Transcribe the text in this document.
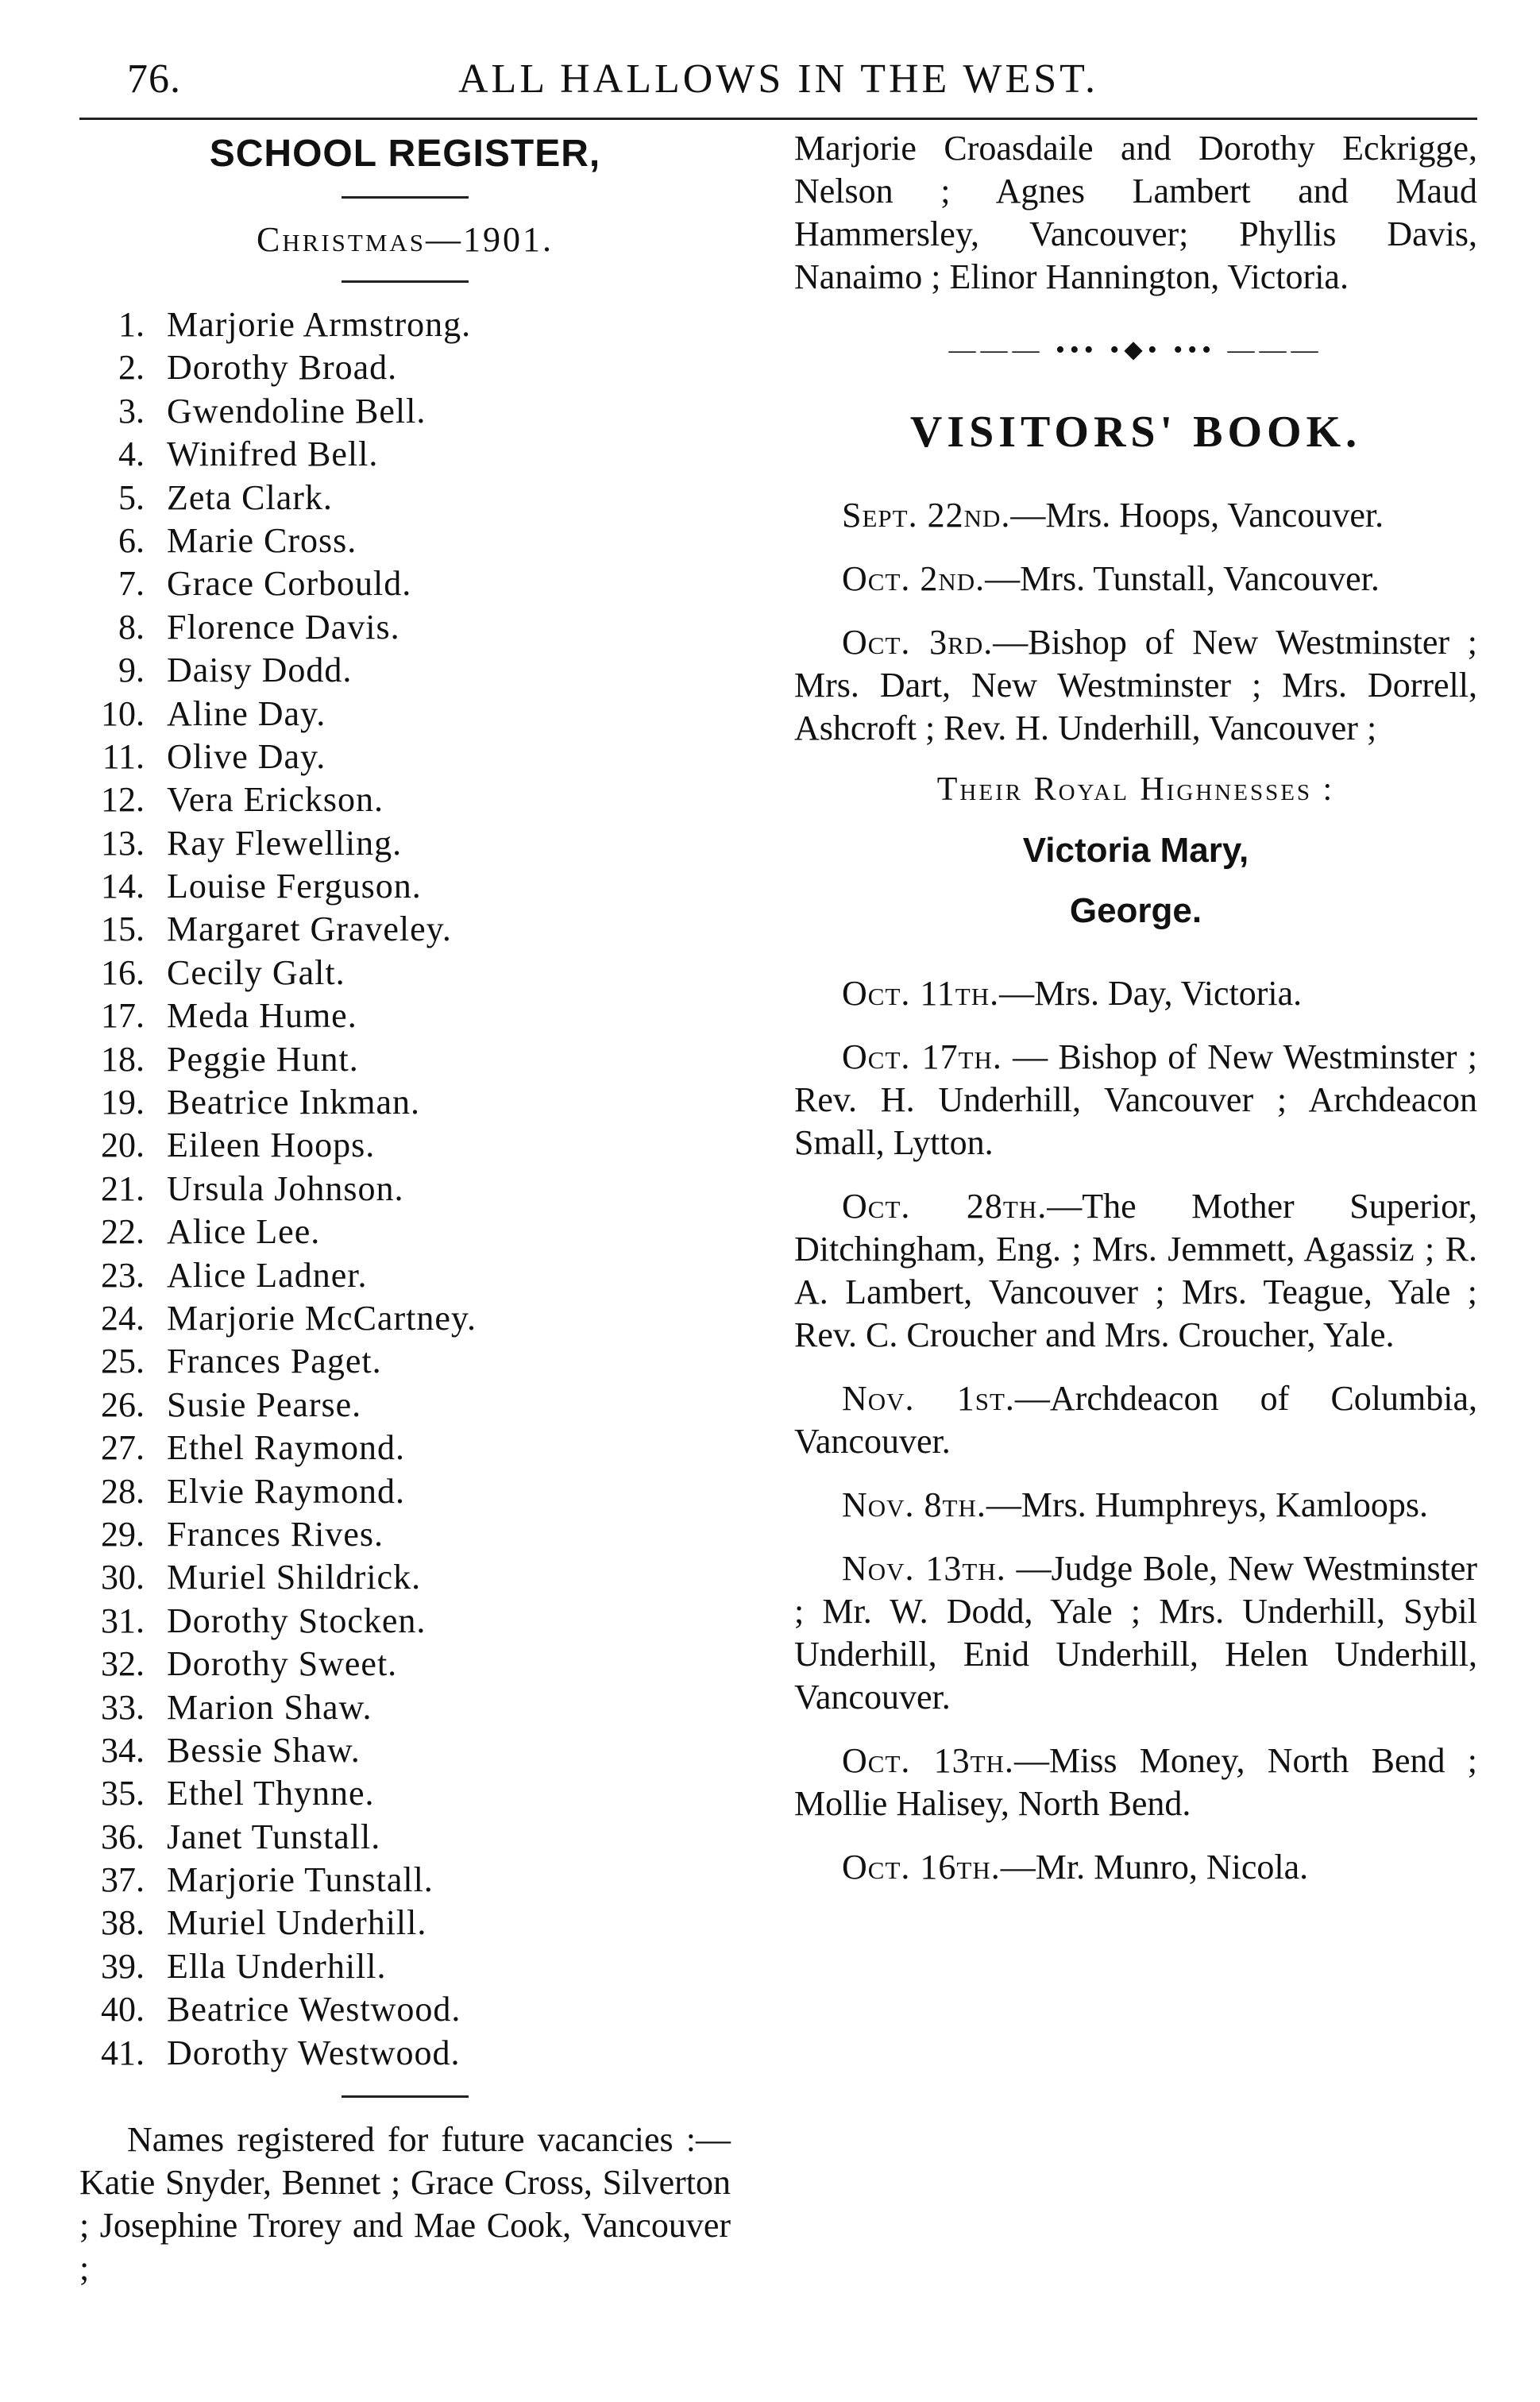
76.	ALL HALLOWS IN THE WEST.
SCHOOL REGISTER,
Christmas—1901.
1. Marjorie Armstrong.
2. Dorothy Broad.
3. Gwendoline Bell.
4. Winifred Bell.
5. Zeta Clark.
6. Marie Cross.
7. Grace Corbould.
8. Florence Davis.
9. Daisy Dodd.
10. Aline Day.
11. Olive Day.
12. Vera Erickson.
13. Ray Flewelling.
14. Louise Ferguson.
15. Margaret Graveley.
16. Cecily Galt.
17. Meda Hume.
18. Peggie Hunt.
19. Beatrice Inkman.
20. Eileen Hoops.
21. Ursula Johnson.
22. Alice Lee.
23. Alice Ladner.
24. Marjorie McCartney.
25. Frances Paget.
26. Susie Pearse.
27. Ethel Raymond.
28. Elvie Raymond.
29. Frances Rives.
30. Muriel Shildrick.
31. Dorothy Stocken.
32. Dorothy Sweet.
33. Marion Shaw.
34. Bessie Shaw.
35. Ethel Thynne.
36. Janet Tunstall.
37. Marjorie Tunstall.
38. Muriel Underhill.
39. Ella Underhill.
40. Beatrice Westwood.
41. Dorothy Westwood.

Names registered for future vacancies :—Katie Snyder, Bennet ; Grace Cross, Silverton ; Josephine Trorey and Mae Cook, Vancouver ;

Marjorie Croasdaile and Dorothy Eckrigge, Nelson ; Agnes Lambert and Maud Hammersley, Vancouver; Phyllis Davis, Nanaimo ; Elinor Hannington, Victoria.

——— ••• •⬥• ••• ———
VISITORS' BOOK.

Sept. 22nd.—Mrs. Hoops, Vancouver.

Oct. 2nd.—Mrs. Tunstall, Vancouver.

Oct. 3rd.—Bishop of New Westminster ; Mrs. Dart, New Westminster ; Mrs. Dorrell, Ashcroft ; Rev. H. Underhill, Vancouver ;

Their Royal Highnesses :
Victoria Mary,
George.

Oct. 11th.—Mrs. Day, Victoria.

Oct. 17th. — Bishop of New Westminster ; Rev. H. Underhill, Vancouver ; Archdeacon Small, Lytton.

Oct. 28th.—The Mother Superior, Ditchingham, Eng. ; Mrs. Jemmett, Agassiz ; R. A. Lambert, Vancouver ; Mrs. Teague, Yale ; Rev. C. Croucher and Mrs. Croucher, Yale.

Nov. 1st.—Archdeacon of Columbia, Vancouver.

Nov. 8th.—Mrs. Humphreys, Kamloops.

Nov. 13th. —Judge Bole, New Westminster ; Mr. W. Dodd, Yale ; Mrs. Underhill, Sybil Underhill, Enid Underhill, Helen Underhill, Vancouver.

Oct. 13th.—Miss Money, North Bend ; Mollie Halisey, North Bend.

Oct. 16th.—Mr. Munro, Nicola.
